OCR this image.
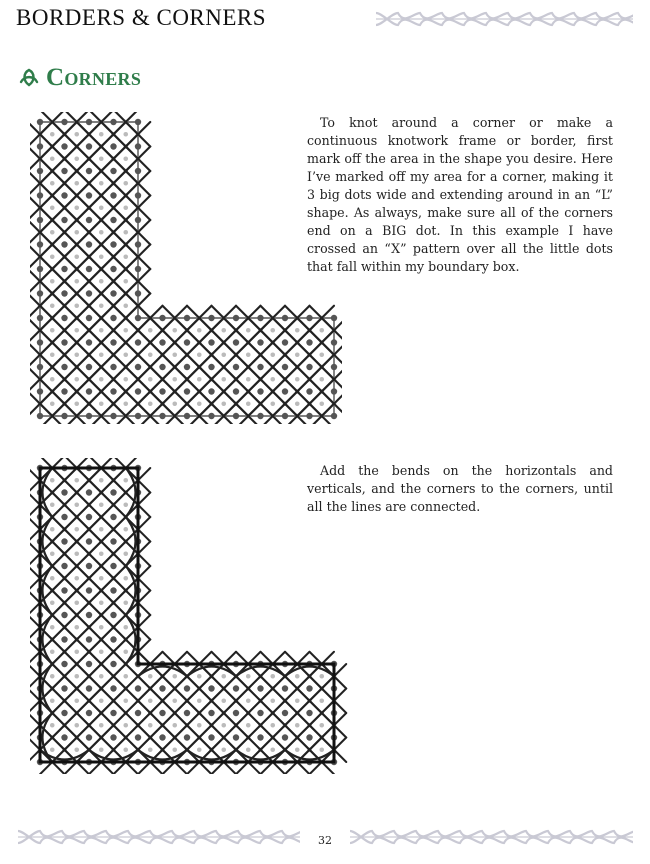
BORDERS & CORNERS
Corners

To knot around a corner or make a continuous knotwork frame or border, first mark off the area in the shape you desire. Here I’ve marked off my area for a corner, making it 3 big dots wide and extending around in an “L” shape. As always, make sure all of the corners end on a BIG dot. In this example I have crossed an “X” pattern over all the little dots that fall within my boundary box.

Add the bends on the horizontals and verticals, and the corners to the corners, until all the lines are connected.

32
